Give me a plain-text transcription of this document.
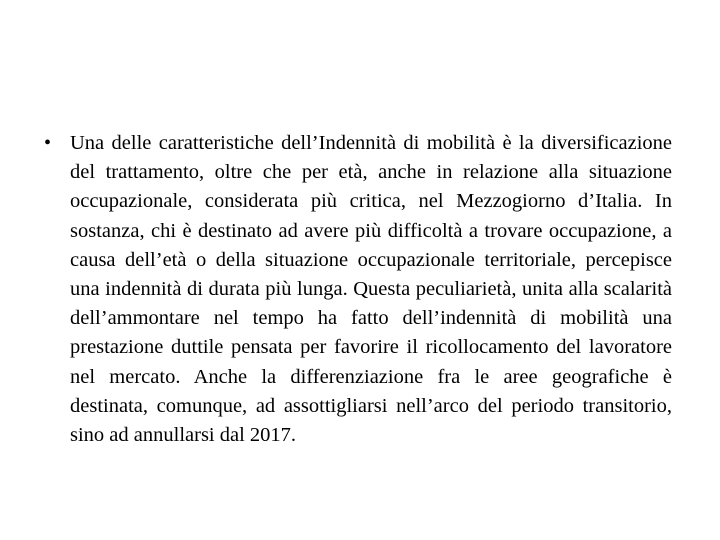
• Una delle caratteristiche dell’Indennità di mobilità è la diversificazione del trattamento, oltre che per età, anche in relazione alla situazione occupazionale, considerata più critica, nel Mezzogiorno d’Italia. In sostanza, chi è destinato ad avere più difficoltà a trovare occupazione, a causa dell’età o della situazione occupazionale territoriale, percepisce una indennità di durata più lunga. Questa peculiarietà, unita alla scalarità dell’ammontare nel tempo ha fatto dell’indennità di mobilità una prestazione duttile pensata per favorire il ricollocamento del lavoratore nel mercato. Anche la differenziazione fra le aree geografiche è destinata, comunque, ad assottigliarsi nell’arco del periodo transitorio, sino ad annullarsi dal 2017.
